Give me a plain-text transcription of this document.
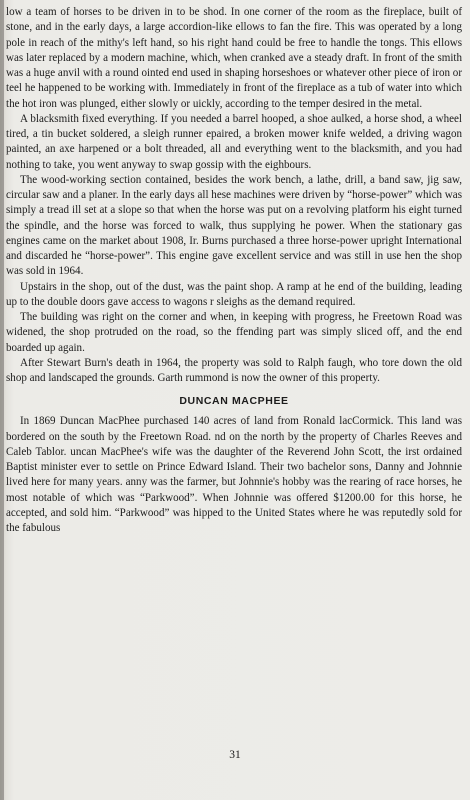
low a team of horses to be driven in to be shod. In one corner of the room as the fireplace, built of stone, and in the early days, a large accordion-like ellows to fan the fire. This was operated by a long pole in reach of the mithy's left hand, so his right hand could be free to handle the tongs. This ellows was later replaced by a modern machine, which, when cranked ave a steady draft. In front of the smith was a huge anvil with a round ointed end used in shaping horseshoes or whatever other piece of iron or teel he happened to be working with. Immediately in front of the fireplace as a tub of water into which the hot iron was plunged, either slowly or uickly, according to the temper desired in the metal.

A blacksmith fixed everything. If you needed a barrel hooped, a shoe aulked, a horse shod, a wheel tired, a tin bucket soldered, a sleigh runner epaired, a broken mower knife welded, a driving wagon painted, an axe harpened or a bolt threaded, all and everything went to the blacksmith, and you had nothing to take, you went anyway to swap gossip with the eighbours.

The wood-working section contained, besides the work bench, a lathe, drill, a band saw, jig saw, circular saw and a planer. In the early days all hese machines were driven by “horse-power” which was simply a tread ill set at a slope so that when the horse was put on a revolving platform his eight turned the spindle, and the horse was forced to walk, thus supplying he power. When the stationary gas engines came on the market about 1908, Ir. Burns purchased a three horse-power upright International and discarded he “horse-power”. This engine gave excellent service and was still in use hen the shop was sold in 1964.

Upstairs in the shop, out of the dust, was the paint shop. A ramp at he end of the building, leading up to the double doors gave access to wagons r sleighs as the demand required.

The building was right on the corner and when, in keeping with progress, he Freetown Road was widened, the shop protruded on the road, so the ffending part was simply sliced off, and the end boarded up again.

After Stewart Burn's death in 1964, the property was sold to Ralph faugh, who tore down the old shop and landscaped the grounds. Garth rummond is now the owner of this property.

DUNCAN MACPHEE

In 1869 Duncan MacPhee purchased 140 acres of land from Ronald lacCormick. This land was bordered on the south by the Freetown Road. nd on the north by the property of Charles Reeves and Caleb Tablor. uncan MacPhee's wife was the daughter of the Reverend John Scott, the irst ordained Baptist minister ever to settle on Prince Edward Island. Their two bachelor sons, Danny and Johnnie lived here for many years. anny was the farmer, but Johnnie's hobby was the rearing of race horses, he most notable of which was “Parkwood”. When Johnnie was offered $1200.00 for this horse, he accepted, and sold him. “Parkwood” was hipped to the United States where he was reputedly sold for the fabulous

31
